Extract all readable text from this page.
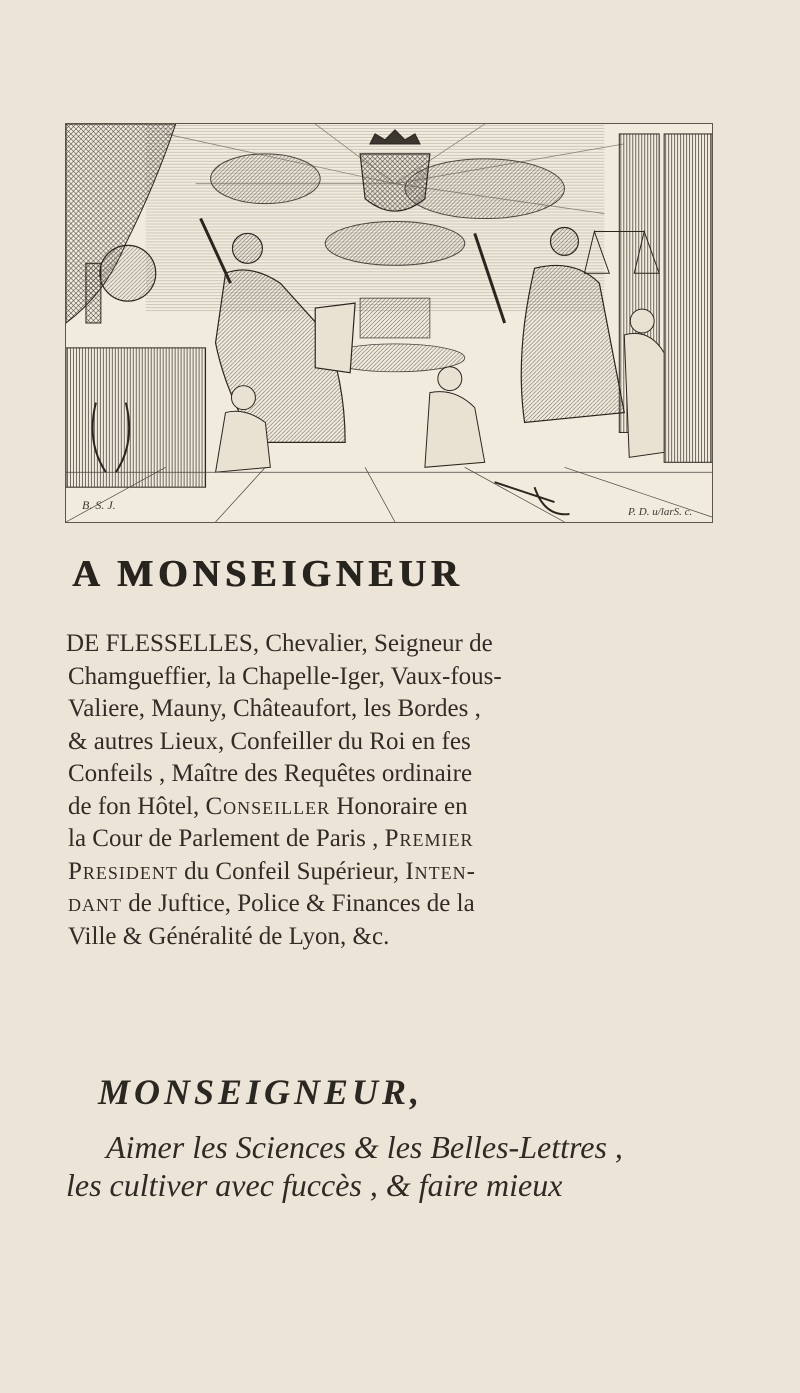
B. S. J.	P. D. u/larS. c.
A MONSEIGNEUR

DE FLESSELLES, Chevalier, Seigneur de
Chamgueffier, la Chapelle-Iger, Vaux-fous-
Valiere, Mauny, Châteaufort, les Bordes ,
& autres Lieux, Confeiller du Roi en fes
Confeils , Maître des Requêtes ordinaire
de fon Hôtel, Conseiller Honoraire en
la Cour de Parlement de Paris , Premier
President du Confeil Supérieur, Inten-
dant de Juftice, Police & Finances de la
Ville & Généralité de Lyon, &c.

MONSEIGNEUR,

Aimer les Sciences & les Belles-Lettres ,
les cultiver avec fuccès , & faire mieux
